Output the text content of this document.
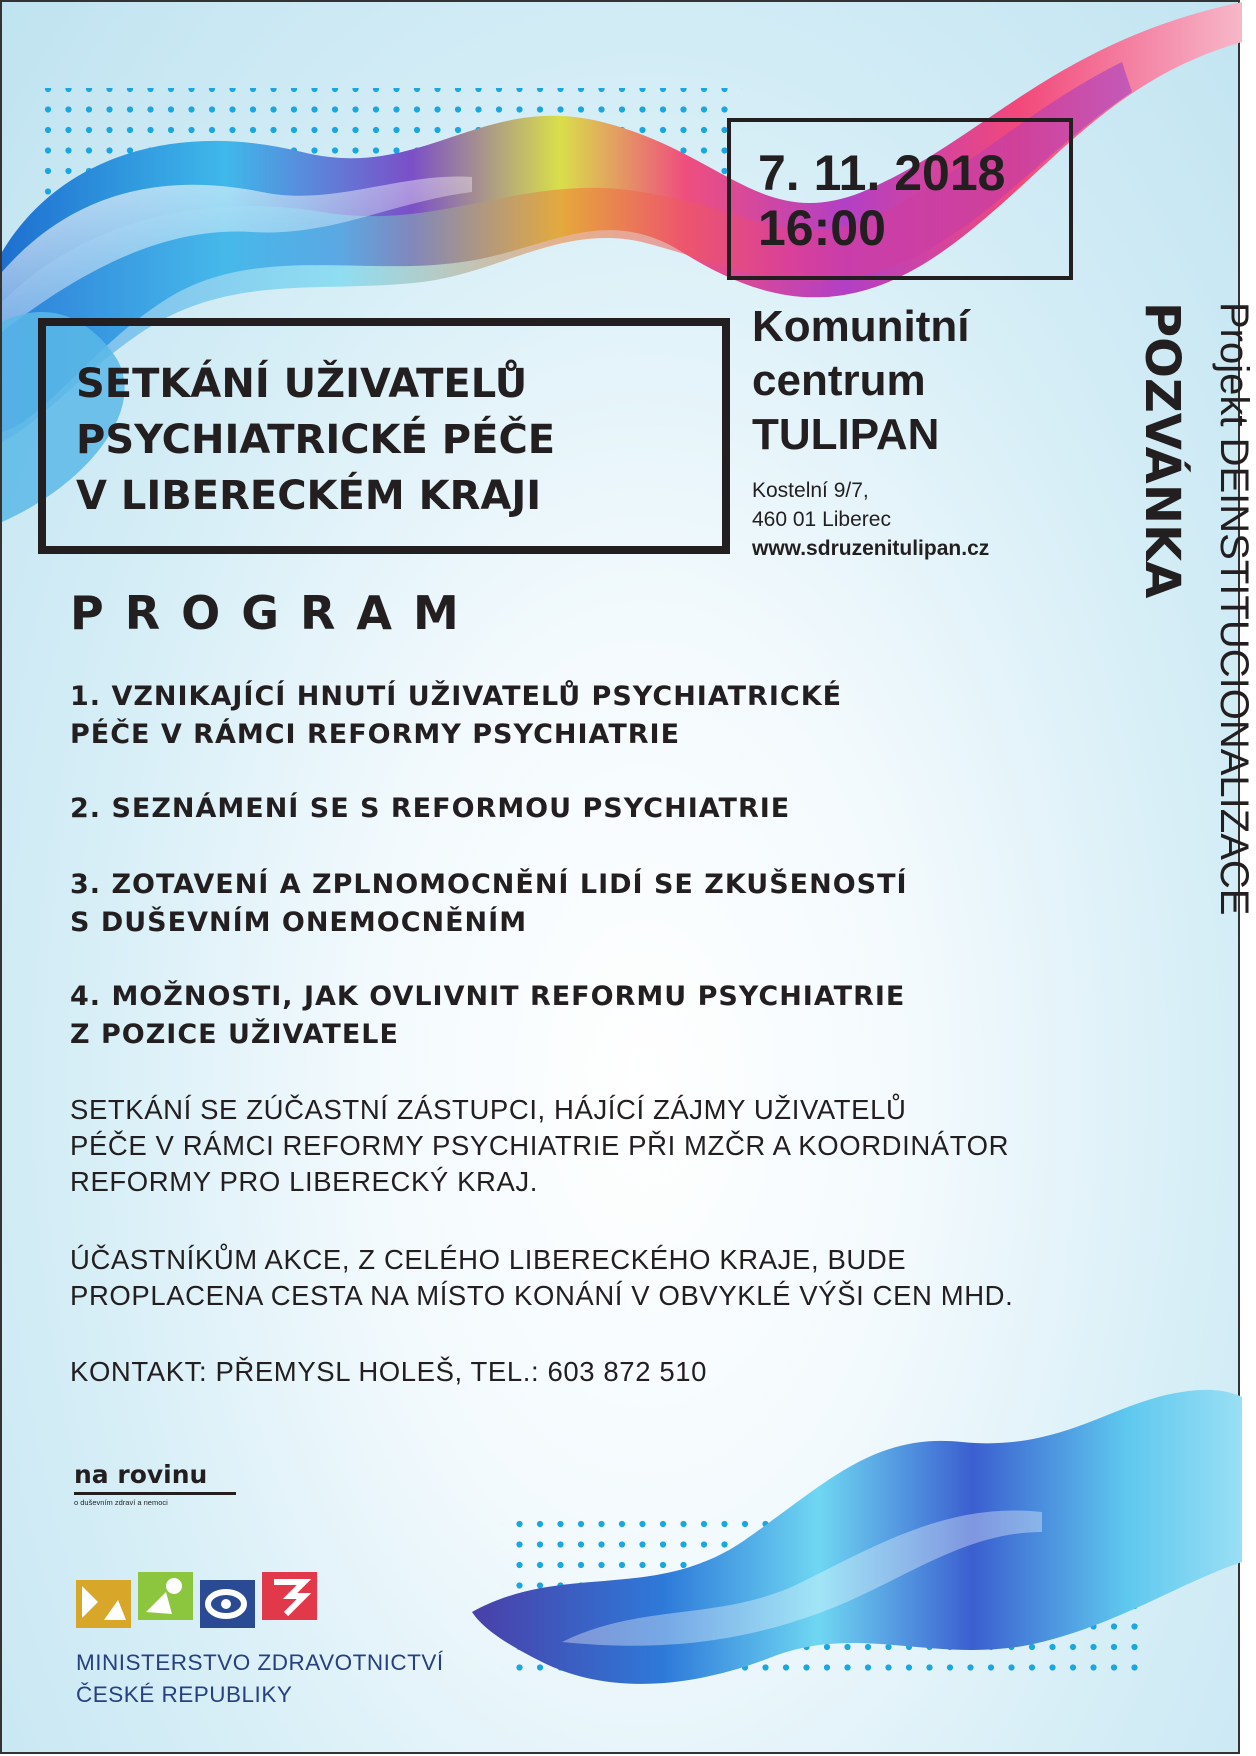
7. 11. 2018
16:00
SETKÁNÍ UŽIVATELŮ
PSYCHIATRICKÉ PÉČE
V LIBERECKÉM KRAJI
Komunitní
centrum
TULIPAN
Kostelní 9/7,
460 01 Liberec
www.sdruzenitulipan.cz	POZVÁNKA Projekt DEINSTITUCIONALIZACE
PROGRAM
1. VZNIKAJÍCÍ HNUTÍ UŽIVATELŮ PSYCHIATRICKÉ
PÉČE V RÁMCI REFORMY PSYCHIATRIE
2. SEZNÁMENÍ SE S REFORMOU PSYCHIATRIE
3. ZOTAVENÍ A ZPLNOMOCNĚNÍ LIDÍ SE ZKUŠENOSTÍ
S DUŠEVNÍM ONEMOCNĚNÍM
4. MOŽNOSTI, JAK OVLIVNIT REFORMU PSYCHIATRIE
Z POZICE UŽIVATELE
SETKÁNÍ SE ZÚČASTNÍ ZÁSTUPCI, HÁJÍCÍ ZÁJMY UŽIVATELŮ
PÉČE V RÁMCI REFORMY PSYCHIATRIE PŘI MZČR A KOORDINÁTOR
REFORMY PRO LIBERECKÝ KRAJ.
ÚČASTNÍKŮM AKCE, Z CELÉHO LIBERECKÉHO KRAJE, BUDE
PROPLACENA CESTA NA MÍSTO KONÁNÍ V OBVYKLÉ VÝŠI CEN MHD.
KONTAKT: PŘEMYSL HOLEŠ, TEL.: 603 872 510
na rovinu
o duševním zdraví a nemoci
MINISTERSTVO ZDRAVOTNICTVÍ
ČESKÉ REPUBLIKY
